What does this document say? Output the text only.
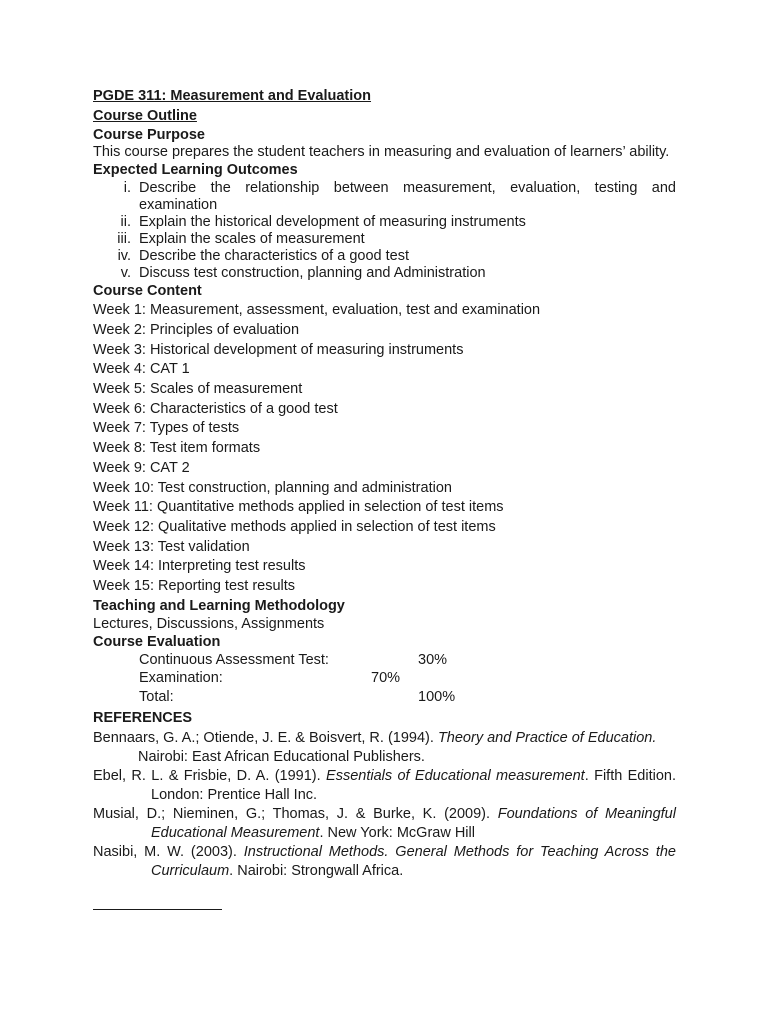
PGDE 311: Measurement and Evaluation
Course Outline
Course Purpose
This course prepares the student teachers in measuring and evaluation of learners’ ability.
Expected Learning Outcomes
i. Describe the relationship between measurement, evaluation, testing and examination
ii. Explain the historical development of measuring instruments
iii. Explain the scales of measurement
iv. Describe the characteristics of a good test
v. Discuss test construction, planning and Administration
Course Content
Week 1: Measurement, assessment, evaluation, test and examination
Week 2: Principles of evaluation
Week 3: Historical development of measuring instruments
Week 4: CAT 1
Week 5: Scales of measurement
Week 6: Characteristics of a good test
Week 7: Types of tests
Week 8: Test item formats
Week 9: CAT 2
Week 10: Test construction, planning and administration
Week 11: Quantitative methods applied in selection of test items
Week 12: Qualitative methods applied in selection of test items
Week 13: Test validation
Week 14: Interpreting test results
Week 15: Reporting test results
Teaching and Learning Methodology
Lectures, Discussions, Assignments
Course Evaluation
Continuous Assessment Test:	30%
Examination:	70%
Total:	100%
REFERENCES
Bennaars, G. A.; Otiende, J. E. & Boisvert, R. (1994). Theory and Practice of Education.
Nairobi: East African Educational Publishers.
Ebel, R. L. & Frisbie, D. A. (1991). Essentials of Educational measurement. Fifth Edition. London: Prentice Hall Inc.
Musial, D.; Nieminen, G.; Thomas, J. & Burke, K. (2009). Foundations of Meaningful Educational Measurement. New York: McGraw Hill
Nasibi, M. W. (2003). Instructional Methods. General Methods for Teaching Across the Curriculaum. Nairobi: Strongwall Africa.
